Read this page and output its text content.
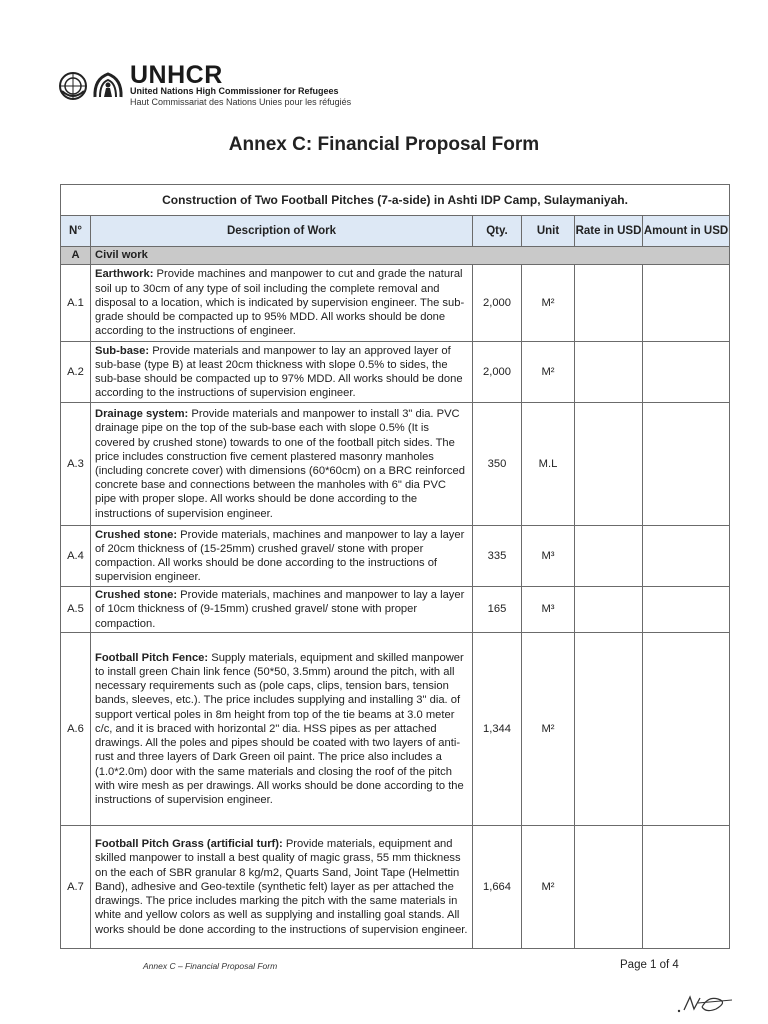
UNHCR
United Nations High Commissioner for Refugees
Haut Commissariat des Nations Unies pour les réfugiés
Annex C: Financial Proposal Form
Construction of Two Football Pitches (7-a-side) in Ashti IDP Camp, Sulaymaniyah.					
N°	Description of Work	Qty.	Unit	Rate in USD	Amount in USD
A	Civil work				
A.1	Earthwork: Provide machines and manpower to cut and grade the natural soil up to 30cm of any type of soil including the complete removal and disposal to a location, which is indicated by supervision engineer. The sub-grade should be compacted up to 95% MDD. All works should be done according to the instructions of engineer.	2,000	M²		
A.2	Sub-base: Provide materials and manpower to lay an approved layer of sub-base (type B) at least 20cm thickness with slope 0.5% to sides, the sub-base should be compacted up to 97% MDD. All works should be done according to the instructions of supervision engineer.	2,000	M²		
A.3	Drainage system: Provide materials and manpower to install 3" dia. PVC drainage pipe on the top of the sub-base each with slope 0.5% (It is covered by crushed stone) towards to one of the football pitch sides. The price includes construction five cement plastered masonry manholes (including concrete cover) with dimensions (60*60cm) on a BRC reinforced concrete base and connections between the manholes with 6" dia PVC pipe with proper slope. All works should be done according to the instructions of supervision engineer.	350	M.L		
A.4	Crushed stone: Provide materials, machines and manpower to lay a layer of 20cm thickness of (15-25mm) crushed gravel/ stone with proper compaction. All works should be done according to the instructions of supervision engineer.	335	M³		
A.5	Crushed stone: Provide materials, machines and manpower to lay a layer of 10cm thickness of (9-15mm) crushed gravel/ stone with proper compaction.	165	M³		
A.6	Football Pitch Fence: Supply materials, equipment and skilled manpower to install green Chain link fence (50*50, 3.5mm) around the pitch, with all necessary requirements such as (pole caps, clips, tension bars, tension bands, sleeves, etc.). The price includes supplying and installing 3" dia. of support vertical poles in 8m height from top of the tie beams at 3.0 meter c/c, and it is braced with horizontal 2" dia. HSS pipes as per attached drawings. All the poles and pipes should be coated with two layers of anti-rust and three layers of Dark Green oil paint. The price also includes a (1.0*2.0m) door with the same materials and closing the roof of the pitch with wire mesh as per drawings. All works should be done according to the instructions of supervision engineer.	1,344	M²		
A.7	Football Pitch Grass (artificial turf): Provide materials, equipment and skilled manpower to install a best quality of magic grass, 55 mm thickness on the each of SBR granular 8 kg/m2, Quarts Sand, Joint Tape (Helmettin Band), adhesive and Geo-textile (synthetic felt) layer as per attached the drawings. The price includes marking the pitch with the same materials in white and yellow colors as well as supplying and installing goal stands. All works should be done according to the instructions of supervision engineer.	1,664	M²		
Annex C – Financial Proposal Form	Page 1 of 4
